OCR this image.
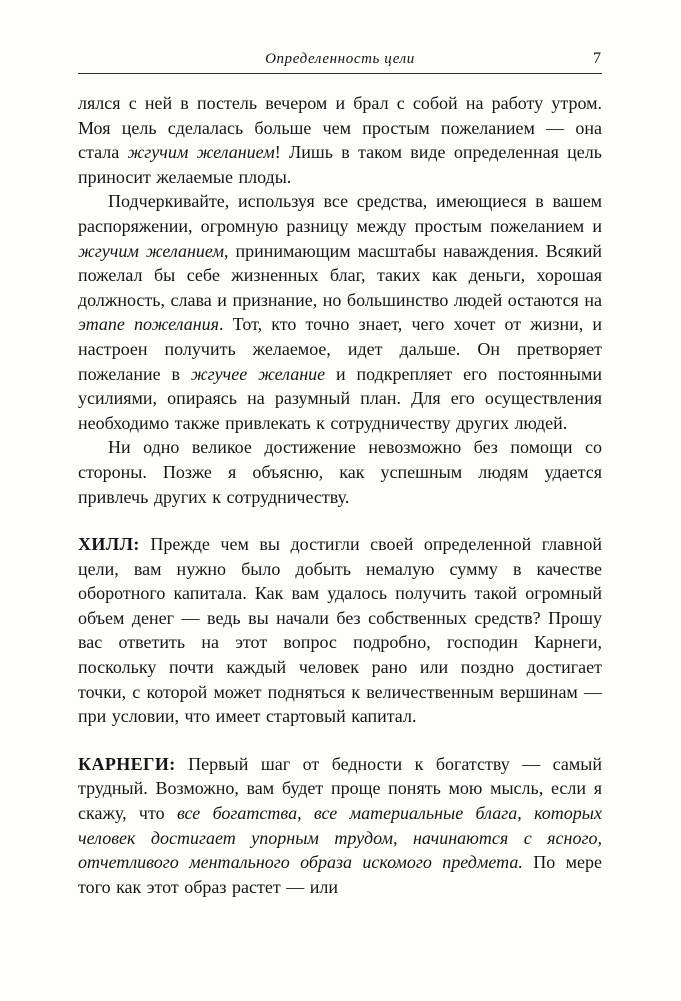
Определенность цели	7

лялся с ней в постель вечером и брал с собой на работу утром. Моя цель сделалась больше чем простым пожеланием — она стала жгучим желанием! Лишь в таком виде определенная цель приносит желаемые плоды.

Подчеркивайте, используя все средства, имеющиеся в вашем распоряжении, огромную разницу между простым пожеланием и жгучим желанием, принимающим масштабы наваждения. Всякий пожелал бы себе жизненных благ, таких как деньги, хорошая должность, слава и признание, но большинство людей остаются на этапе пожелания. Тот, кто точно знает, чего хочет от жизни, и настроен получить желаемое, идет дальше. Он претворяет пожелание в жгучее желание и подкрепляет его постоянными усилиями, опираясь на разумный план. Для его осуществления необходимо также привлекать к сотрудничеству других людей.

Ни одно великое достижение невозможно без помощи со стороны. Позже я объясню, как успешным людям удается привлечь других к сотрудничеству.

ХИЛЛ: Прежде чем вы достигли своей определенной главной цели, вам нужно было добыть немалую сумму в качестве оборотного капитала. Как вам удалось получить такой огромный объем денег — ведь вы начали без собственных средств? Прошу вас ответить на этот вопрос подробно, господин Карнеги, поскольку почти каждый человек рано или поздно достигает точки, с которой может подняться к величественным вершинам — при условии, что имеет стартовый капитал.

КАРНЕГИ: Первый шаг от бедности к богатству — самый трудный. Возможно, вам будет проще понять мою мысль, если я скажу, что все богатства, все материальные блага, которых человек достигает упорным трудом, начинаются с ясного, отчетливого ментального образа искомого предмета. По мере того как этот образ растет — или
